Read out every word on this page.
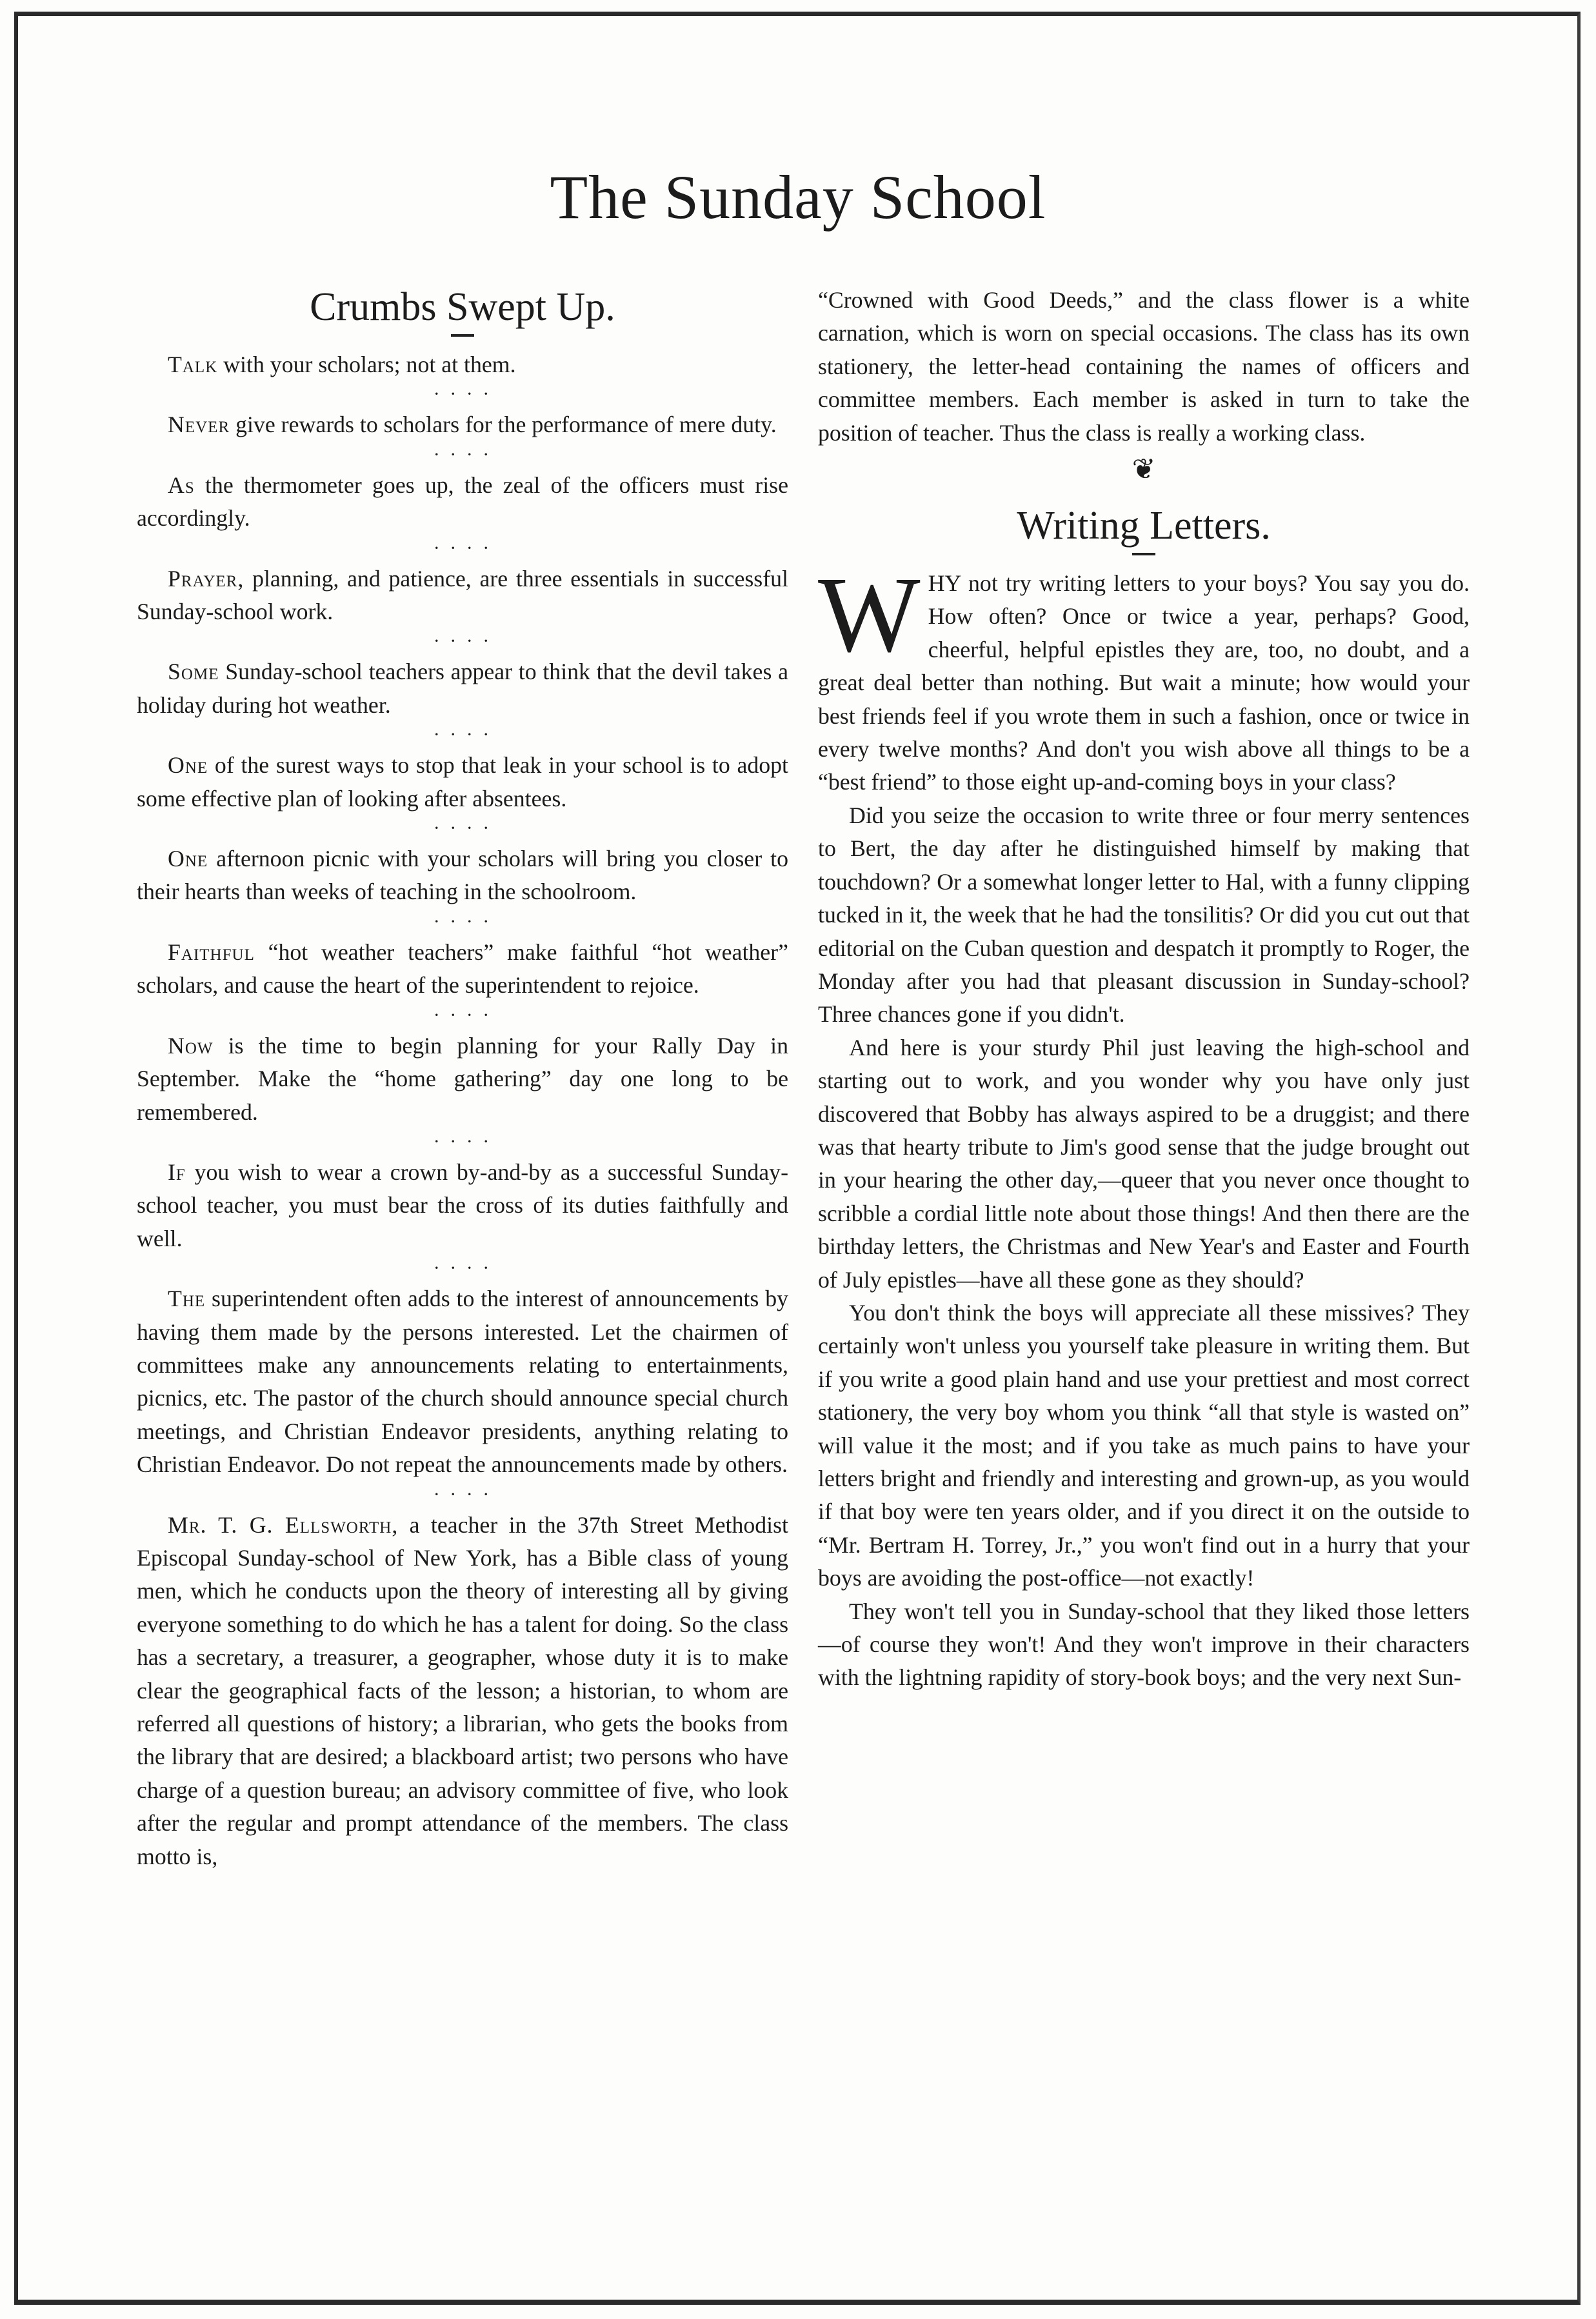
The Sunday School
Crumbs Swept Up.

Talk with your scholars; not at them.

· · · ·

Never give rewards to scholars for the performance of mere duty.

· · · ·

As the thermometer goes up, the zeal of the officers must rise accordingly.

· · · ·

Prayer, planning, and patience, are three essentials in successful Sunday-school work.

· · · ·

Some Sunday-school teachers appear to think that the devil takes a holiday during hot weather.

· · · ·

One of the surest ways to stop that leak in your school is to adopt some effective plan of looking after absentees.

· · · ·

One afternoon picnic with your scholars will bring you closer to their hearts than weeks of teaching in the schoolroom.

· · · ·

Faithful “hot weather teachers” make faithful “hot weather” scholars, and cause the heart of the superintendent to rejoice.

· · · ·

Now is the time to begin planning for your Rally Day in September. Make the “home gathering” day one long to be remembered.

· · · ·

If you wish to wear a crown by-and-by as a successful Sunday-school teacher, you must bear the cross of its duties faithfully and well.

· · · ·

The superintendent often adds to the interest of announcements by having them made by the persons interested. Let the chairmen of committees make any announcements relating to entertainments, picnics, etc. The pastor of the church should announce special church meetings, and Christian Endeavor presidents, anything relating to Christian Endeavor. Do not repeat the announcements made by others.

· · · ·

Mr. T. G. Ellsworth, a teacher in the 37th Street Methodist Episcopal Sunday-school of New York, has a Bible class of young men, which he conducts upon the theory of interesting all by giving everyone something to do which he has a talent for doing. So the class has a secretary, a treasurer, a geographer, whose duty it is to make clear the geographical facts of the lesson; a historian, to whom are referred all questions of history; a librarian, who gets the books from the library that are desired; a blackboard artist; two persons who have charge of a question bureau; an advisory committee of five, who look after the regular and prompt attendance of the members. The class motto is,

“Crowned with Good Deeds,” and the class flower is a white carnation, which is worn on special occasions. The class has its own stationery, the letter-head containing the names of officers and committee members. Each member is asked in turn to take the position of teacher. Thus the class is really a working class.

❦
Writing Letters.

WHY not try writing letters to your boys? You say you do. How often? Once or twice a year, perhaps? Good, cheerful, helpful epistles they are, too, no doubt, and a great deal better than nothing. But wait a minute; how would your best friends feel if you wrote them in such a fashion, once or twice in every twelve months? And don't you wish above all things to be a “best friend” to those eight up-and-coming boys in your class?

Did you seize the occasion to write three or four merry sentences to Bert, the day after he distinguished himself by making that touchdown? Or a somewhat longer letter to Hal, with a funny clipping tucked in it, the week that he had the tonsilitis? Or did you cut out that editorial on the Cuban question and despatch it promptly to Roger, the Monday after you had that pleasant discussion in Sunday-school? Three chances gone if you didn't.

And here is your sturdy Phil just leaving the high-school and starting out to work, and you wonder why you have only just discovered that Bobby has always aspired to be a druggist; and there was that hearty tribute to Jim's good sense that the judge brought out in your hearing the other day,—queer that you never once thought to scribble a cordial little note about those things! And then there are the birthday letters, the Christmas and New Year's and Easter and Fourth of July epistles—have all these gone as they should?

You don't think the boys will appreciate all these missives? They certainly won't unless you yourself take pleasure in writing them. But if you write a good plain hand and use your prettiest and most correct stationery, the very boy whom you think “all that style is wasted on” will value it the most; and if you take as much pains to have your letters bright and friendly and interesting and grown-up, as you would if that boy were ten years older, and if you direct it on the outside to “Mr. Bertram H. Torrey, Jr.,” you won't find out in a hurry that your boys are avoiding the post-office—not exactly!

They won't tell you in Sunday-school that they liked those letters—of course they won't! And they won't improve in their characters with the lightning rapidity of story-book boys; and the very next Sun-
